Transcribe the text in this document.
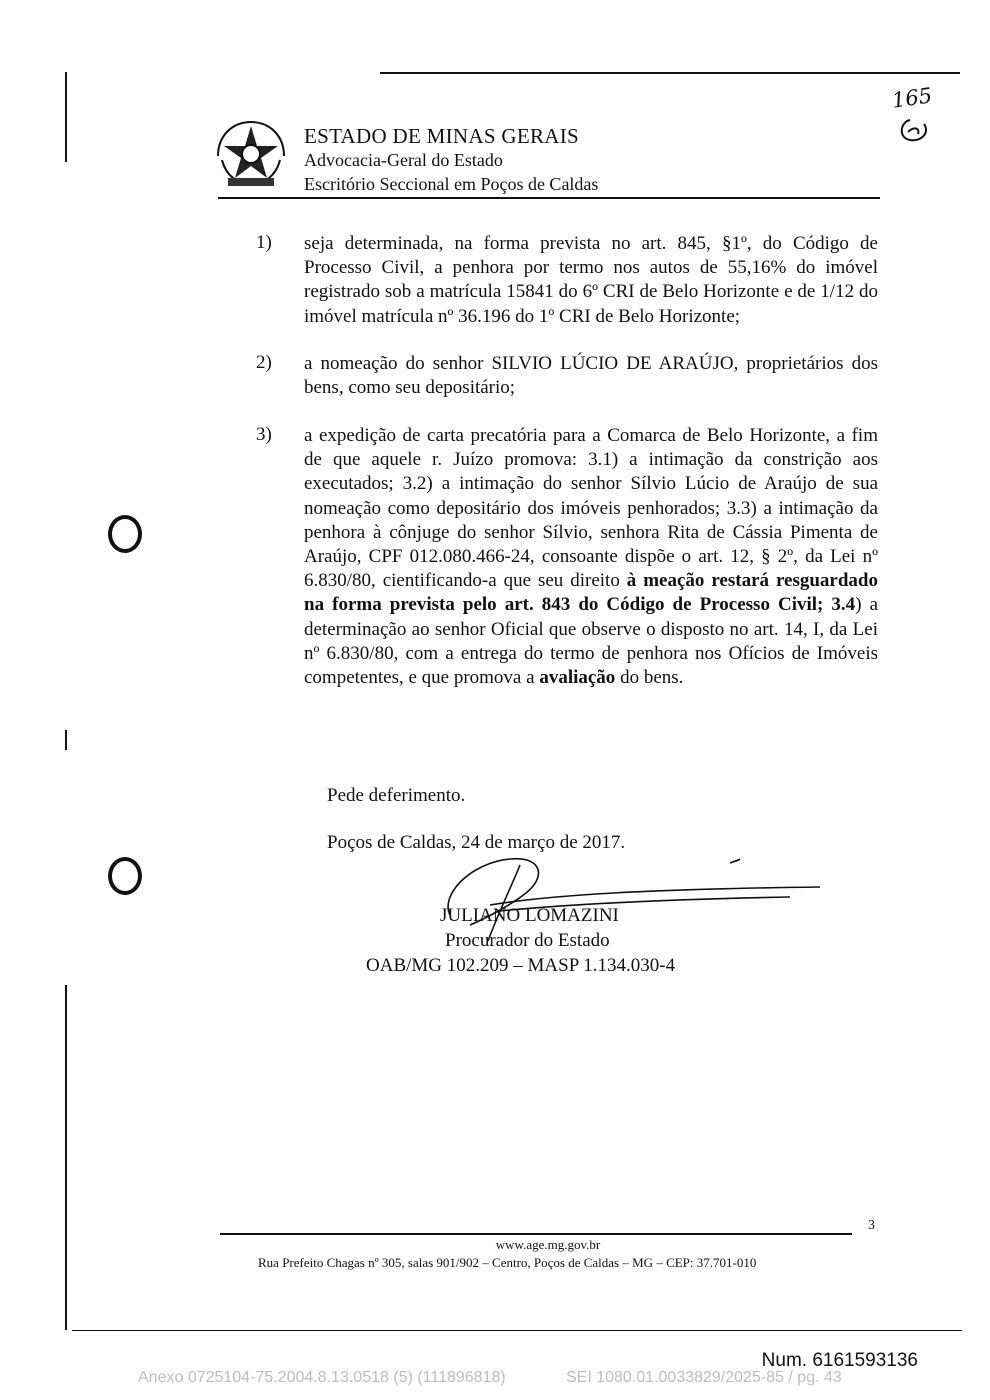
ESTADO DE MINAS GERAIS
Advocacia-Geral do Estado
Escritório Seccional em Poços de Caldas
165
1) seja determinada, na forma prevista no art. 845, §1º, do Código de Processo Civil, a penhora por termo nos autos de 55,16% do imóvel registrado sob a matrícula 15841 do 6º CRI de Belo Horizonte e de 1/12 do imóvel matrícula nº 36.196 do 1º CRI de Belo Horizonte;
2) a nomeação do senhor SILVIO LÚCIO DE ARAÚJO, proprietários dos bens, como seu depositário;
3) a expedição de carta precatória para a Comarca de Belo Horizonte, a fim de que aquele r. Juízo promova: 3.1) a intimação da constrição aos executados; 3.2) a intimação do senhor Sílvio Lúcio de Araújo de sua nomeação como depositário dos imóveis penhorados; 3.3) a intimação da penhora à cônjuge do senhor Sílvio, senhora Rita de Cássia Pimenta de Araújo, CPF 012.080.466-24, consoante dispõe o art. 12, § 2º, da Lei nº 6.830/80, cientificando-a que seu direito à meação restará resguardado na forma prevista pelo art. 843 do Código de Processo Civil; 3.4) a determinação ao senhor Oficial que observe o disposto no art. 14, I, da Lei nº 6.830/80, com a entrega do termo de penhora nos Ofícios de Imóveis competentes, e que promova a avaliação do bens.
Pede deferimento.
Poços de Caldas, 24 de março de 2017.
JULIANO LOMAZINI
Procurador do Estado
OAB/MG 102.209 – MASP 1.134.030-4
3
www.age.mg.gov.br
Rua Prefeito Chagas nº 305, salas 901/902 – Centro, Poços de Caldas – MG – CEP: 37.701-010
Num. 6161593136
Anexo 0725104-75.2004.8.13.0518 (5) (111896818)	SEI 1080.01.0033829/2025-85 / pg. 43
